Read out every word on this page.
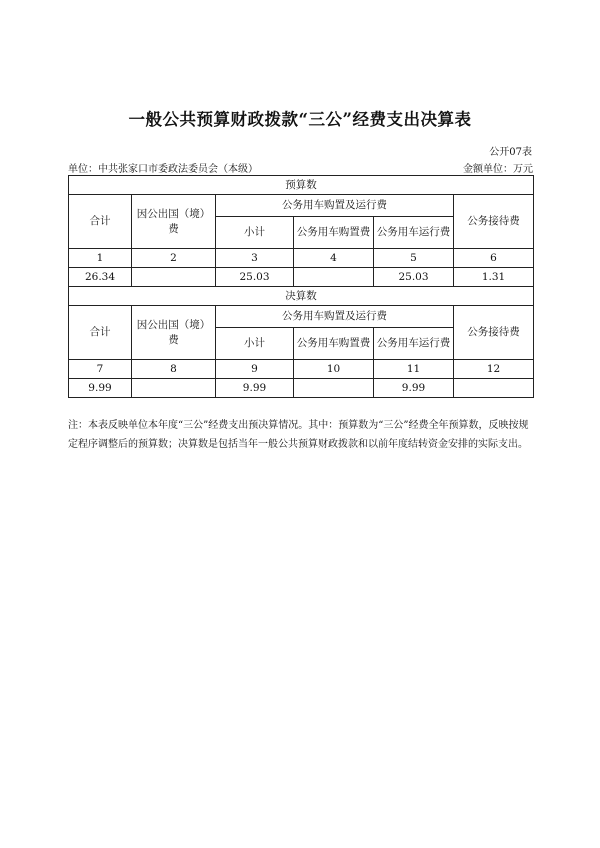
一般公共预算财政拨款“三公”经费支出决算表
公开07表
单位：中共张家口市委政法委员会（本级）	金额单位：万元
预算数					
合计	因公出国（境）费	公务用车购置及运行费			公务接待费
		小计	公务用车购置费	公务用车运行费	
1	2	3	4	5	6
26.34		25.03		25.03	1.31
决算数					
合计	因公出国（境）费	公务用车购置及运行费			公务接待费
		小计	公务用车购置费	公务用车运行费	
7	8	9	10	11	12
9.99		9.99		9.99	
注：本表反映单位本年度“三公”经费支出预决算情况。其中：预算数为“三公”经费全年预算数，反映按规定程序调整后的预算数；决算数是包括当年一般公共预算财政拨款和以前年度结转资金安排的实际支出。
